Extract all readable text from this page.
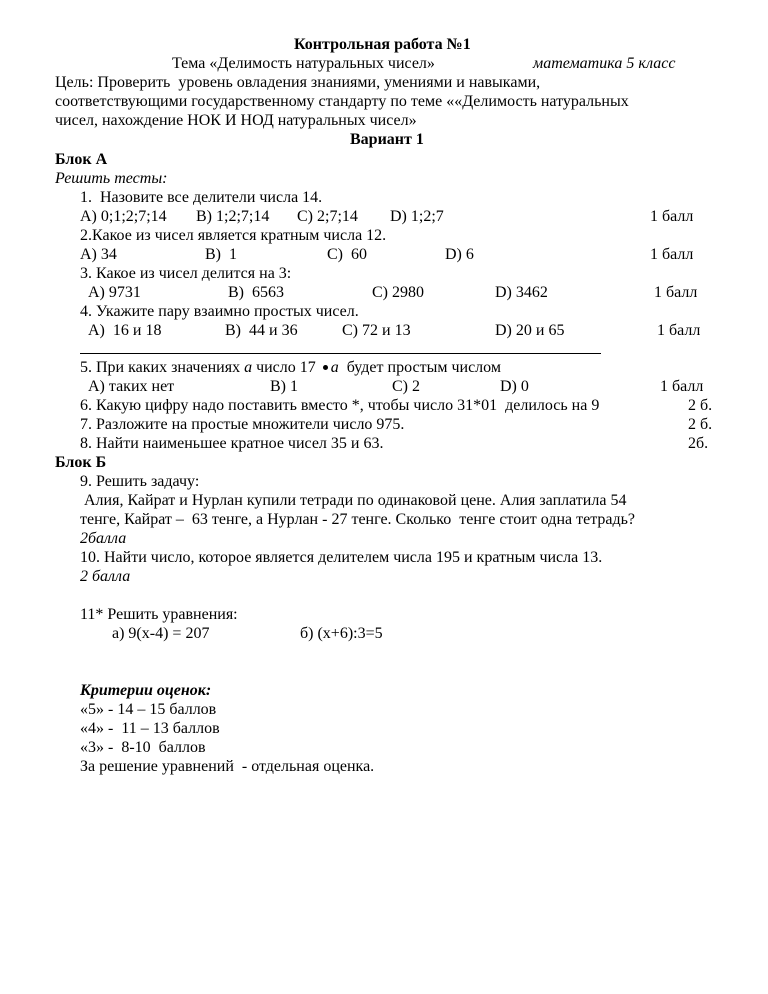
Контрольная работа №1
Тема «Делимость натуральных чисел»	математика 5 класс
Цель: Проверить  уровень овладения знаниями, умениями и навыками,
соответствующими государственному стандарту по теме ««Делимость натуральных
чисел, нахождение НОК И НОД натуральных чисел»
Вариант 1
Блок А
Решить тесты:
1.  Назовите все делители числа 14.
А) 0;1;2;7;14 В) 1;2;7;14 С) 2;7;14 D) 1;2;7	1 балл
2.Какое из чисел является кратным числа 12.
А) 34	В)  1	С)  60	D) 6	1 балл
3. Какое из чисел делится на 3:
А) 9731	В)  6563	С) 2980	D) 3462	1 балл
4. Укажите пару взаимно простых чисел.
А)  16 и 18	В)  44 и 36	С) 72 и 13	D) 20 и 65	1 балл
5. При каких значениях а число 17 а  будет простым числом
А) таких нет	В) 1	С) 2	D) 0	1 балл
6. Какую цифру надо поставить вместо *, чтобы число 31*01  делилось на 9	2 б.
7. Разложите на простые множители число 975.	2 б.
8. Найти наименьшее кратное чисел 35 и 63.	2б.
Блок Б
9. Решить задачу:
Алия, Кайрат и Нурлан купили тетради по одинаковой цене. Алия заплатила 54
тенге, Кайрат –  63 тенге, а Нурлан - 27 тенге. Сколько  тенге стоит одна тетрадь?
2балла
10. Найти число, которое является делителем числа 195 и кратным числа 13.
2 балла
11* Решить уравнения:
а) 9(х-4) = 207	б) (х+6):3=5
Критерии оценок:
«5» - 14 – 15 баллов
«4» -  11 – 13 баллов
«3» -  8-10  баллов
За решение уравнений  - отдельная оценка.
